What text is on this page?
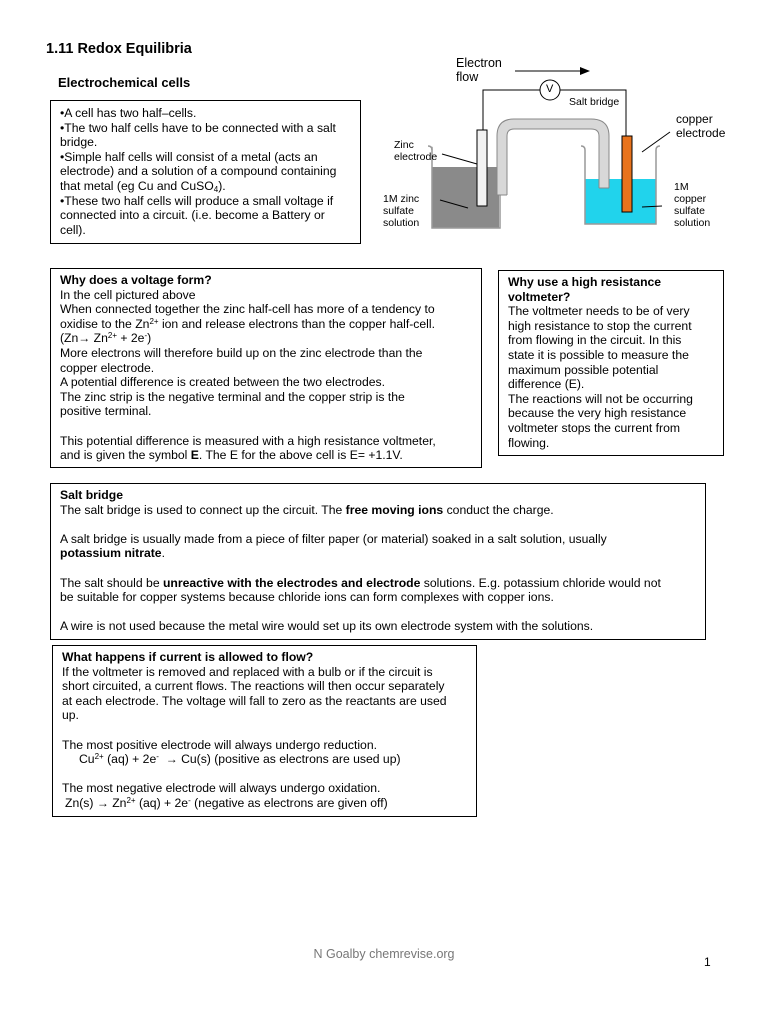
1.11 Redox Equilibria
Electrochemical cells

•A cell has two half–cells.

•The two half cells have to be connected with a salt

bridge.

•Simple half cells will consist of a metal (acts an

electrode) and a solution of a compound containing

that metal (eg Cu and CuSO$_4$).

•These two half cells will produce a small voltage if

connected into a circuit. (i.e. become a Battery or

cell).

Electron
flow
V
Salt bridge
copper
electrode
Zinc
electrode
1M zinc
sulfate
solution
1M
copper
sulfate
solution

Why does a voltage form?

In the cell pictured above

When connected together the zinc half-cell has more of a tendency to

oxidise to the $Zn^{2+}$ ion and release electrons than the copper half-cell.

$(Zn\to Zn^{2+} + 2e^-)$

More electrons will therefore build up on the zinc electrode than the

copper electrode.

A potential difference is created between the two electrodes.

The zinc strip is the negative terminal and the copper strip is the

positive terminal.

This potential difference is measured with a high resistance voltmeter,

and is given the symbol E. The E for the above cell is E= +1.1V.

Why use a high resistance

voltmeter?

The voltmeter needs to be of very

high resistance to stop the current

from flowing in the circuit. In this

state it is possible to measure the

maximum possible potential

difference (E).

The reactions will not be occurring

because the very high resistance

voltmeter stops the current from

flowing.

Salt bridge

The salt bridge is used to connect up the circuit. The free moving ions conduct the charge.

A salt bridge is usually made from a piece of filter paper (or material) soaked in a salt solution, usually

potassium nitrate.

The salt should be unreactive with the electrodes and electrode solutions. E.g. potassium chloride would not

be suitable for copper systems because chloride ions can form complexes with copper ions.

A wire is not used because the metal wire would set up its own electrode system with the solutions.

What happens if current is allowed to flow?

If the voltmeter is removed and replaced with a bulb or if the circuit is

short circuited, a current flows. The reactions will then occur separately

at each electrode. The voltage will fall to zero as the reactants are used

up.

The most positive electrode will always undergo reduction.

$Cu^{2+}$ (aq) + 2e- → Cu(s) (positive as electrons are used up)

The most negative electrode will always undergo oxidation.

$Zn(s) \to Zn^{2+}$ (aq) + 2e- (negative as electrons are given off)

N Goalby chemrevise.org
1
